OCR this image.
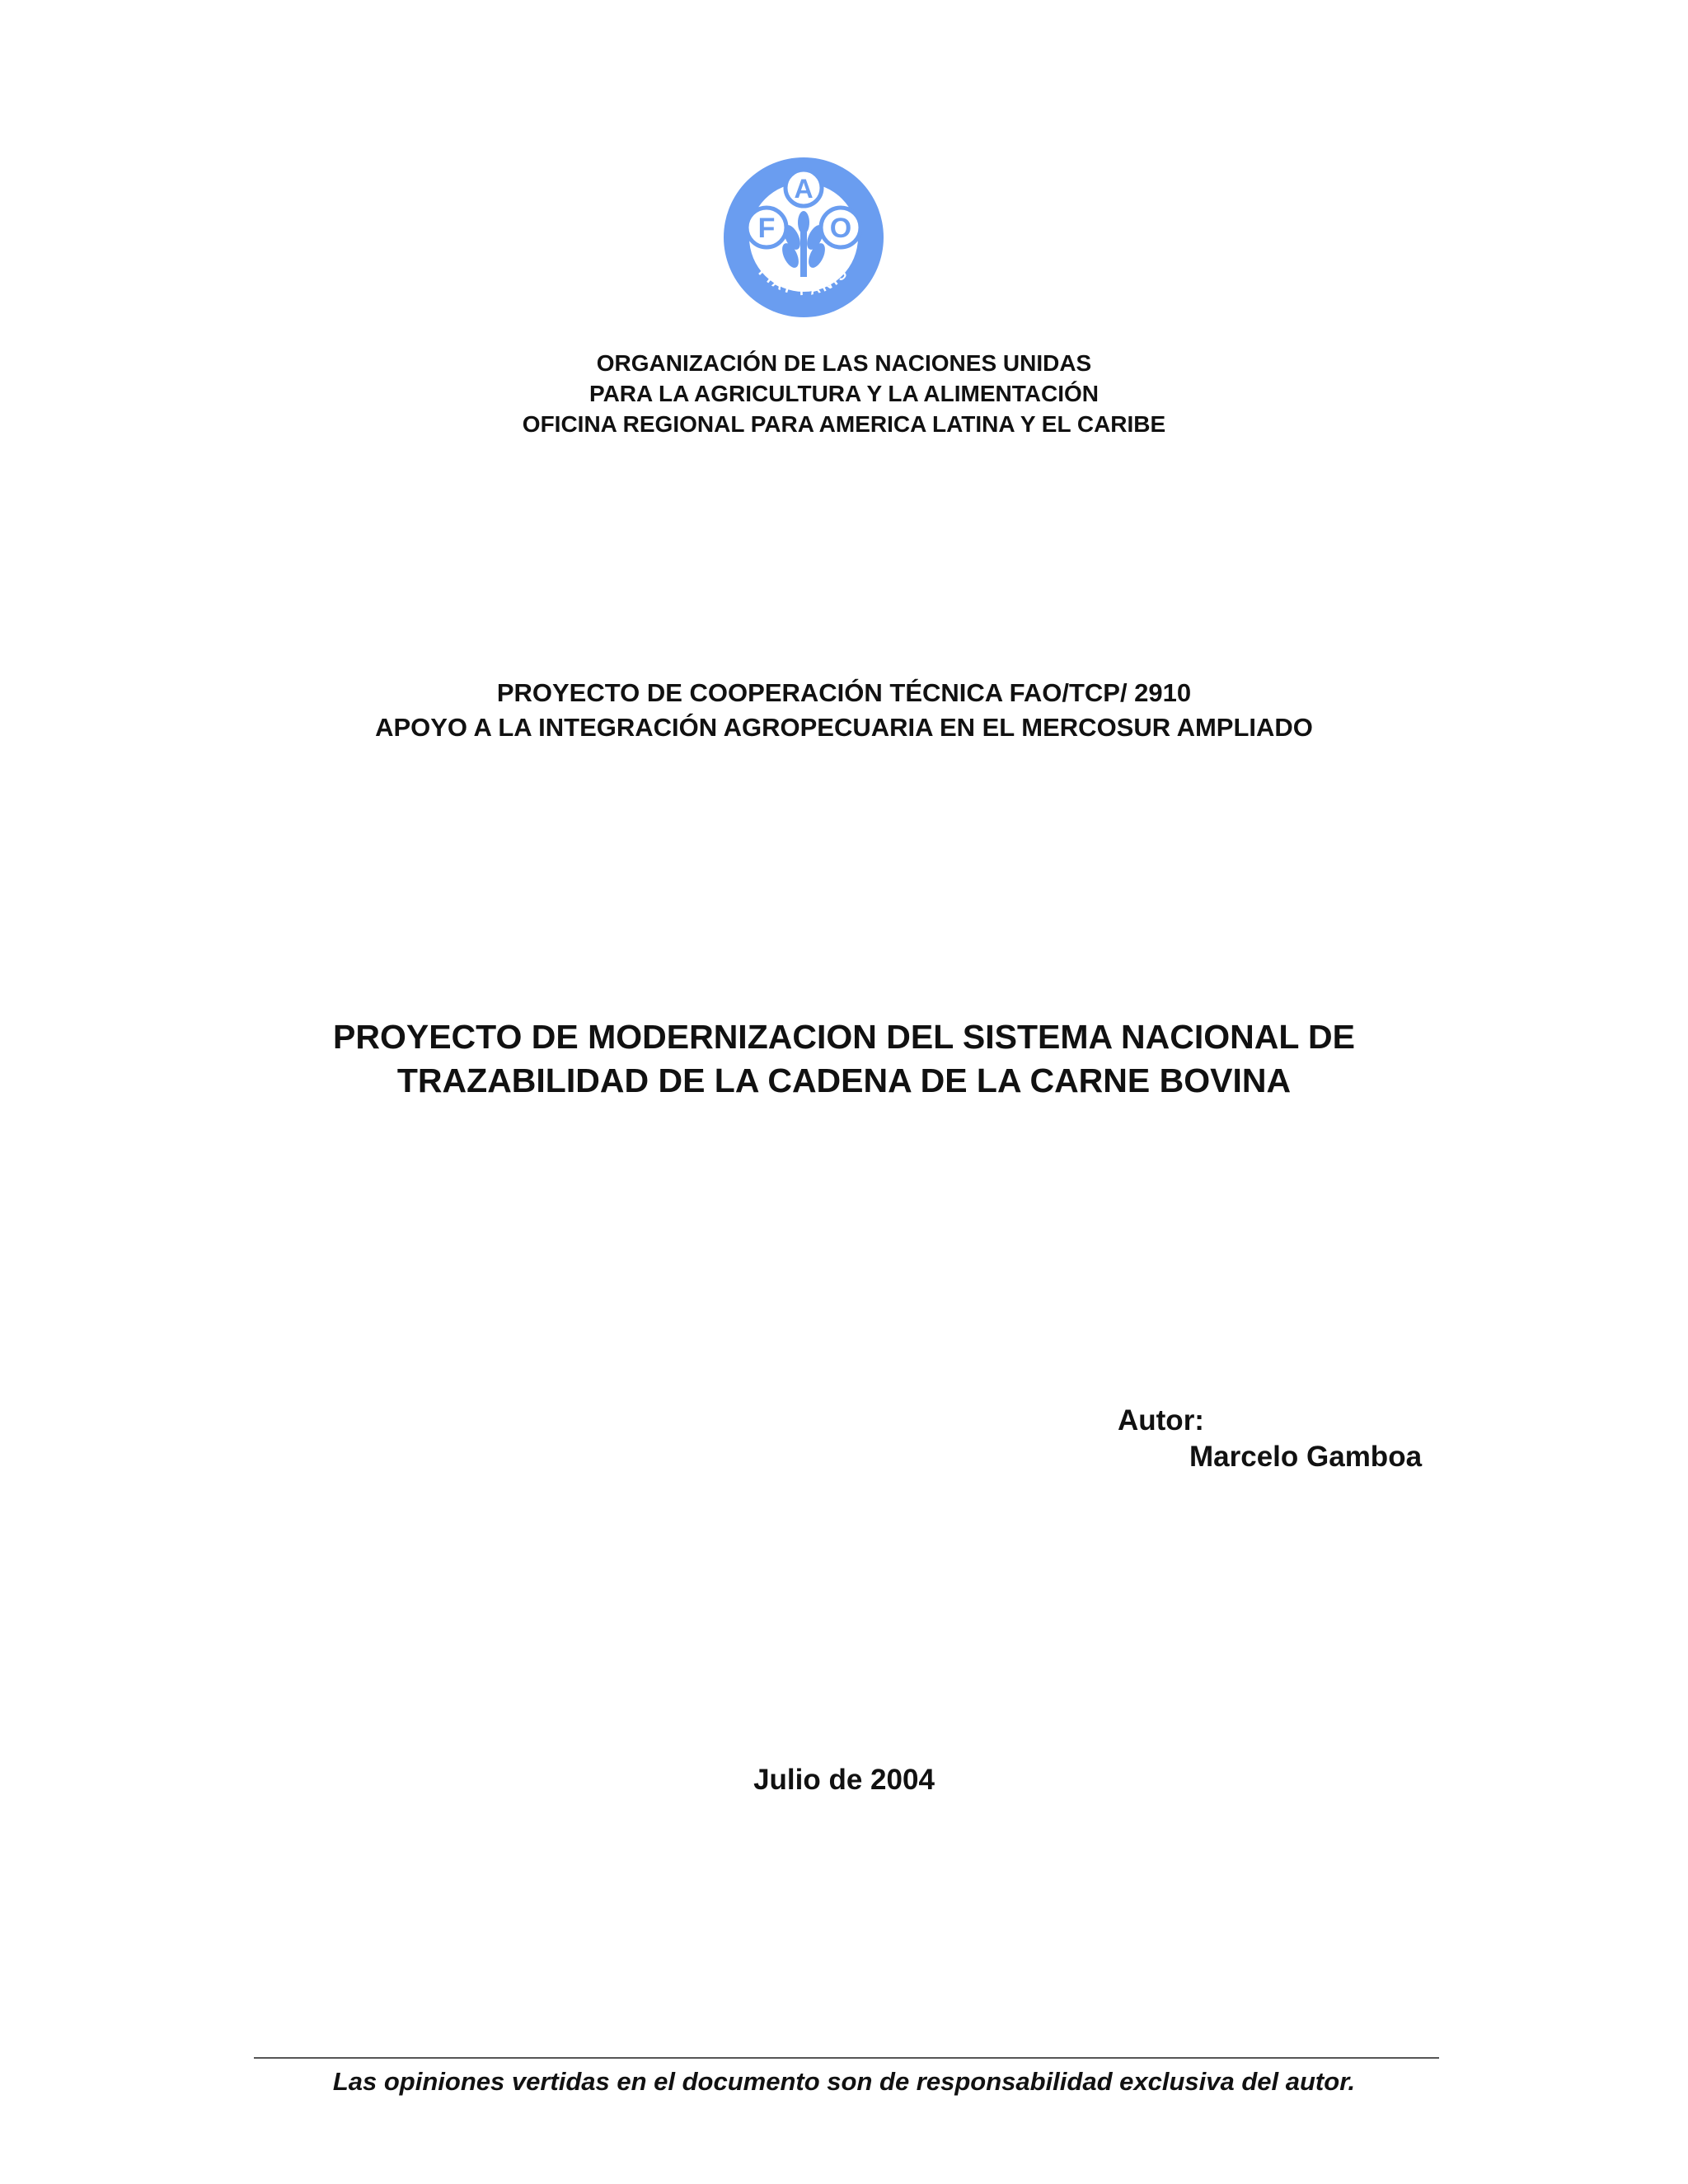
F
A
O
FIAT PANIS
ORGANIZACIÓN DE LAS NACIONES UNIDAS
PARA LA AGRICULTURA Y LA ALIMENTACIÓN
OFICINA REGIONAL PARA AMERICA LATINA Y EL CARIBE
PROYECTO DE COOPERACIÓN TÉCNICA FAO/TCP/ 2910
APOYO A LA INTEGRACIÓN AGROPECUARIA EN EL MERCOSUR AMPLIADO
PROYECTO DE MODERNIZACION DEL SISTEMA NACIONAL DE
TRAZABILIDAD DE LA CADENA DE LA CARNE BOVINA
Autor:
Marcelo Gamboa
Julio de 2004
Las opiniones vertidas en el documento son de responsabilidad exclusiva del autor.
